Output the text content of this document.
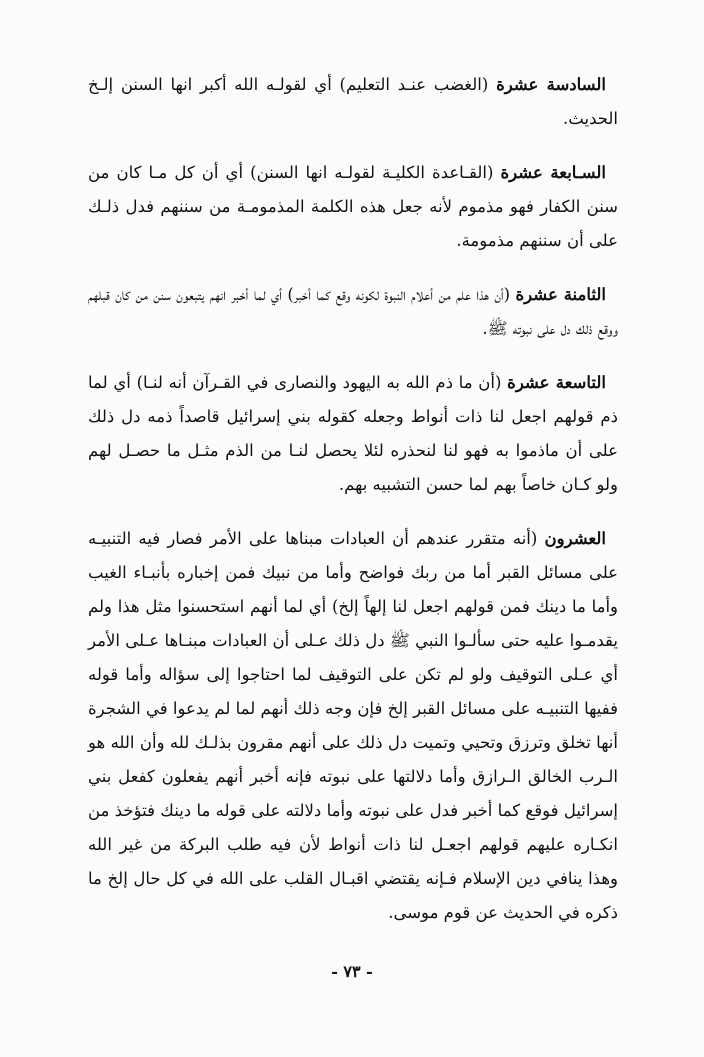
السادسة عشرة (الغضب عنـد التعليم) أي لقولـه الله أكبر انها السنن إلـخ الحديث.

السـابعة عشرة (القـاعدة الكليـة لقولـه انها السنن) أي أن كل مـا كان من سنن الكفار فهو مذموم لأنه جعل هذه الكلمة المذمومـة من سننهم فدل ذلـك على أن سننهم مذمومة.

الثامنة عشرة (أن هذا علم من أعلام النبوة لكونه وقع كما أخبر) أي لما أخبر انهم يتبعون سنن من كان قبلهم ووقع ذلك دل على نبوته ﷺ.

التاسعة عشرة (أن ما ذم الله به اليهود والنصارى في القـرآن أنه لنـا) أي لما ذم قولهم اجعل لنا ذات أنواط وجعله كقوله بني إسرائيل قاصداً ذمه دل ذلك على أن ماذموا به فهو لنا لنحذره لئلا يحصل لنـا من الذم مثـل ما حصـل لهم ولو كـان خاصاً بهم لما حسن التشبيه بهم.

العشرون (أنه متقرر عندهم أن العبادات مبناها على الأمر فصار فيه التنبيـه على مسائل القبر أما من ربك فواضح وأما من نبيك فمن إخباره بأنبـاء الغيب وأما ما دينك فمن قولهم اجعل لنا إلهاً إلخ) أي لما أنهم استحسنوا مثل هذا ولم يقدمـوا عليه حتى سألـوا النبي ﷺ دل ذلك عـلى أن العبادات مبنـاها عـلى الأمر أي عـلى التوقيف ولو لم تكن على التوقيف لما احتاجوا إلى سؤاله وأما قوله ففيها التنبيـه على مسائل القبر إلخ فإن وجه ذلك أنهم لما لم يدعوا في الشجرة أنها تخلق وترزق وتحيي وتميت دل ذلك على أنهم مقرون بذلـك لله وأن الله هو الـرب الخالق الـرازق وأما دلالتها على نبوته فإنه أخبر أنهم يفعلون كفعل بني إسرائيل فوقع كما أخبر فدل على نبوته وأما دلالته على قوله ما دينك فتؤخذ من انكـاره عليهم قولهم اجعـل لنا ذات أنواط لأن فيه طلب البركة من غير الله وهذا ينافي دين الإسلام فـإنه يقتضي اقبـال القلب على الله في كل حال إلخ ما ذكره في الحديث عن قوم موسى.

- ٧٣ -
